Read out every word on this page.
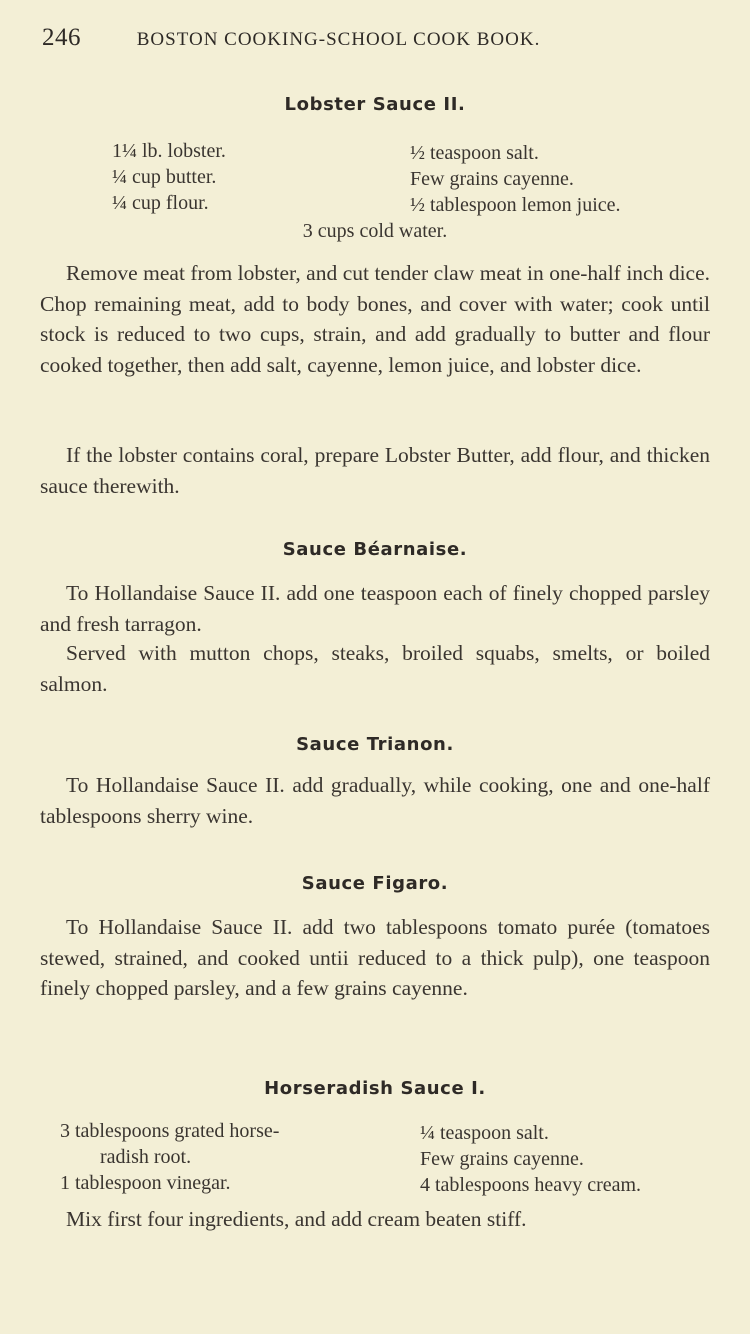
246	BOSTON COOKING-SCHOOL COOK BOOK.
Lobster Sauce II.
1¼ lb. lobster.
¼ cup butter.
¼ cup flour.
½ teaspoon salt.
Few grains cayenne.
½ tablespoon lemon juice.
3 cups cold water.
Remove meat from lobster, and cut tender claw meat in one-half inch dice. Chop remaining meat, add to body bones, and cover with water; cook until stock is reduced to two cups, strain, and add gradually to butter and flour cooked together, then add salt, cayenne, lemon juice, and lobster dice.
If the lobster contains coral, prepare Lobster Butter, add flour, and thicken sauce therewith.
Sauce Béarnaise.
To Hollandaise Sauce II. add one teaspoon each of finely chopped parsley and fresh tarragon.
Served with mutton chops, steaks, broiled squabs, smelts, or boiled salmon.
Sauce Trianon.
To Hollandaise Sauce II. add gradually, while cooking, one and one-half tablespoons sherry wine.
Sauce Figaro.
To Hollandaise Sauce II. add two tablespoons tomato purée (tomatoes stewed, strained, and cooked untii reduced to a thick pulp), one teaspoon finely chopped parsley, and a few grains cayenne.
Horseradish Sauce I.
3 tablespoons grated horse-
radish root.
1 tablespoon vinegar.
¼ teaspoon salt.
Few grains cayenne.
4 tablespoons heavy cream.
Mix first four ingredients, and add cream beaten stiff.
